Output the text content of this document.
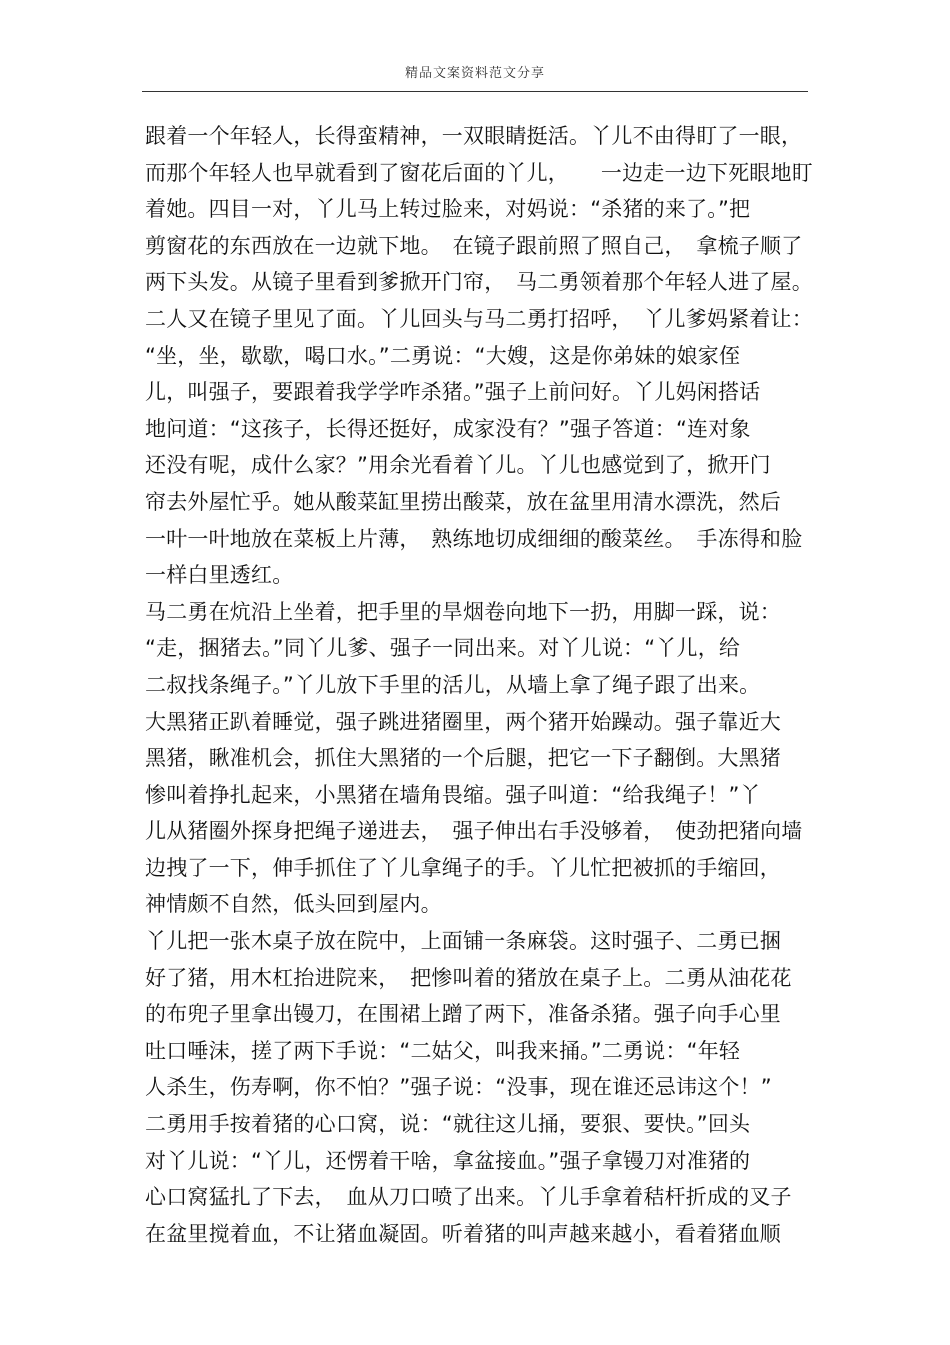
精品文案资料范文分享
跟着一个年轻人，长得蛮精神，一双眼睛挺活。丫儿不由得盯了一眼，
而那个年轻人也早就看到了窗花后面的丫儿，　　一边走一边下死眼地盯
着她。四目一对，丫儿马上转过脸来，对妈说：“杀猪的来了。”把
剪窗花的东西放在一边就下地。　在镜子跟前照了照自己，　拿梳子顺了
两下头发。从镜子里看到爹掀开门帘，　马二勇领着那个年轻人进了屋。
二人又在镜子里见了面。丫儿回头与马二勇打招呼，　丫儿爹妈紧着让：
“坐，坐，歇歇，喝口水。”二勇说：“大嫂，这是你弟妹的娘家侄
儿，叫强子，要跟着我学学咋杀猪。”强子上前问好。丫儿妈闲搭话
地问道：“这孩子，长得还挺好，成家没有？”强子答道：“连对象
还没有呢，成什么家？”用余光看着丫儿。丫儿也感觉到了，掀开门
帘去外屋忙乎。她从酸菜缸里捞出酸菜，放在盆里用清水漂洗，然后
一叶一叶地放在菜板上片薄，　熟练地切成细细的酸菜丝。　手冻得和脸
一样白里透红。
马二勇在炕沿上坐着，把手里的旱烟卷向地下一扔，用脚一踩，说：
“走，捆猪去。”同丫儿爹、强子一同出来。对丫儿说：“丫儿，给
二叔找条绳子。”丫儿放下手里的活儿，从墙上拿了绳子跟了出来。
大黑猪正趴着睡觉，强子跳进猪圈里，两个猪开始躁动。强子靠近大
黑猪，瞅准机会，抓住大黑猪的一个后腿，把它一下子翻倒。大黑猪
惨叫着挣扎起来，小黑猪在墙角畏缩。强子叫道：“给我绳子！”丫
儿从猪圈外探身把绳子递进去，　强子伸出右手没够着，　使劲把猪向墙
边拽了一下，伸手抓住了丫儿拿绳子的手。丫儿忙把被抓的手缩回，
神情颇不自然，低头回到屋内。
丫儿把一张木桌子放在院中，上面铺一条麻袋。这时强子、二勇已捆
好了猪，用木杠抬进院来，　把惨叫着的猪放在桌子上。二勇从油花花
的布兜子里拿出镘刀，在围裙上蹭了两下，准备杀猪。强子向手心里
吐口唾沫，搓了两下手说：“二姑父，叫我来捅。”二勇说：“年轻
人杀生，伤寿啊，你不怕？”强子说：“没事，现在谁还忌讳这个！”
二勇用手按着猪的心口窝，说：“就往这儿捅，要狠、要快。”回头
对丫儿说：“丫儿，还愣着干啥，拿盆接血。”强子拿镘刀对准猪的
心口窝猛扎了下去，　血从刀口喷了出来。丫儿手拿着秸杆折成的叉子
在盆里搅着血，不让猪血凝固。听着猪的叫声越来越小，看着猪血顺
